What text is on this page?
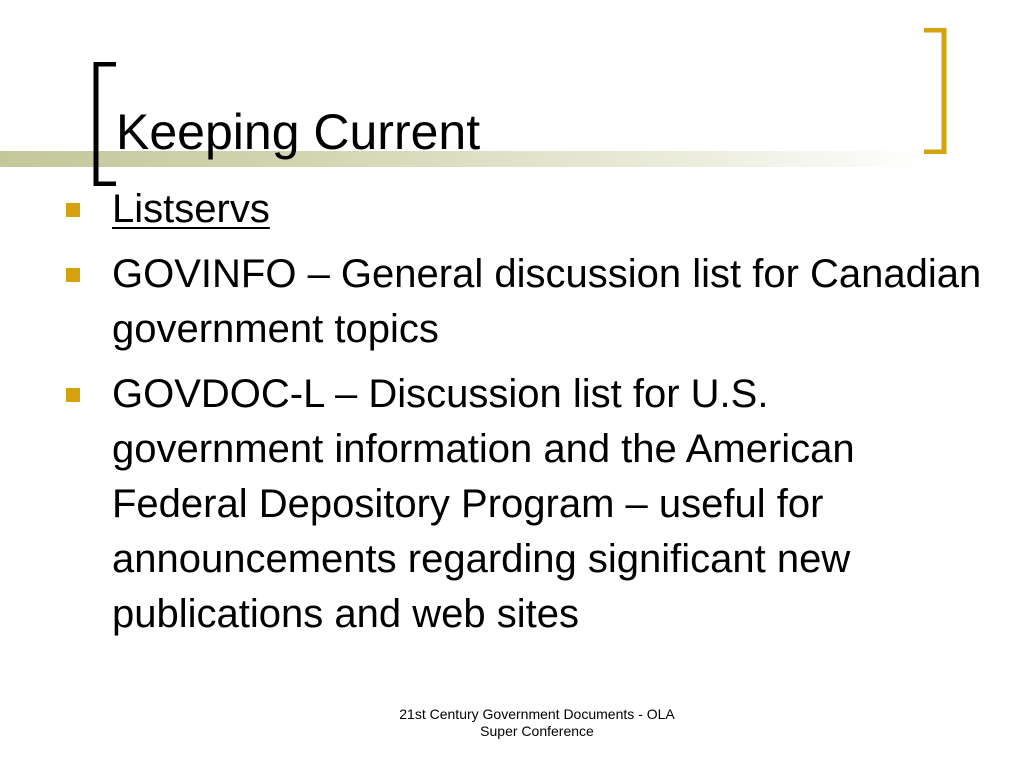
Keeping Current
Listservs
GOVINFO – General discussion list for Canadian government topics
GOVDOC-L – Discussion list for U.S. government information and the American Federal Depository Program – useful for announcements regarding significant new publications and web sites
21st Century Government Documents - OLA
Super Conference
